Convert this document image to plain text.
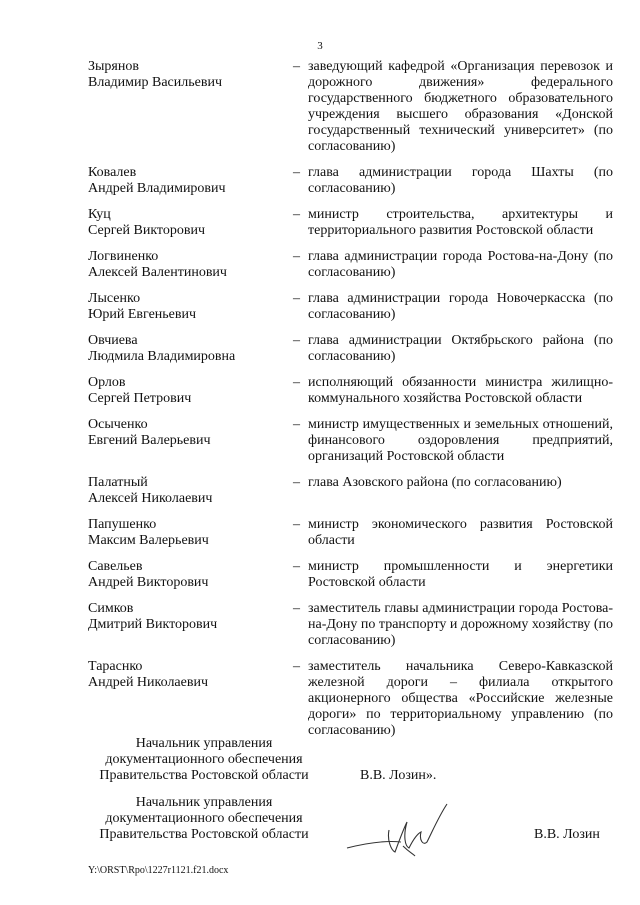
3
Зырянов
Владимир Васильевич
– заведующий кафедрой «Организация перевозок и дорожного движения» федерального государственного бюджетного образовательного учреждения высшего образования «Донской государственный технический университет» (по согласованию)
Ковалев
Андрей Владимирович
– глава администрации города Шахты (по согласованию)
Куц
Сергей Викторович
– министр строительства, архитектуры и территориального развития Ростовской области
Логвиненко
Алексей Валентинович
– глава администрации города Ростова-на-Дону (по согласованию)
Лысенко
Юрий Евгеньевич
– глава администрации города Новочеркасска (по согласованию)
Овчиева
Людмила Владимировна
– глава администрации Октябрьского района (по согласованию)
Орлов
Сергей Петрович
– исполняющий обязанности министра жилищно-коммунального хозяйства Ростовской области
Осыченко
Евгений Валерьевич
– министр имущественных и земельных отношений, финансового оздоровления предприятий, организаций Ростовской области
Палатный
Алексей Николаевич
– глава Азовского района (по согласованию)
Папушенко
Максим Валерьевич
– министр экономического развития Ростовской области
Савельев
Андрей Викторович
– министр промышленности и энергетики Ростовской области
Симков
Дмитрий Викторович
– заместитель главы администрации города Ростова-на-Дону по транспорту и дорожному хозяйству (по согласованию)
Тараснко
Андрей Николаевич
– заместитель начальника Северо-Кавказской железной дороги – филиала открытого акционерного общества «Российские железные дороги» по территориальному управлению (по согласованию)
Начальник управления
документационного обеспечения
Правительства Ростовской области	В.В. Лозин».
Начальник управления
документационного обеспечения
Правительства Ростовской области	В.В. Лозин
Y:\ORST\Rpo\1227r1121.f21.docx
